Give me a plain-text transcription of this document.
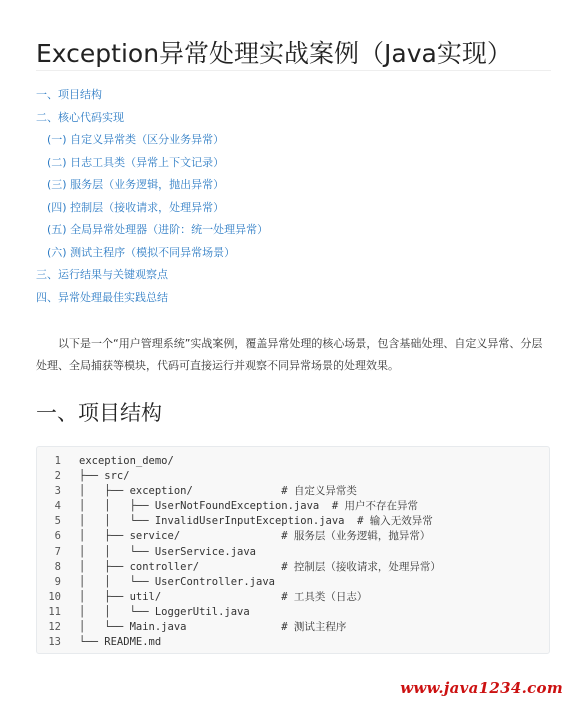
Exception异常处理实战案例（Java实现）
一、项目结构
二、核心代码实现
(一) 自定义异常类（区分业务异常）
(二) 日志工具类（异常上下文记录）
(三) 服务层（业务逻辑，抛出异常）
(四) 控制层（接收请求，处理异常）
(五) 全局异常处理器（进阶：统一处理异常）
(六) 测试主程序（模拟不同异常场景）
三、运行结果与关键观察点
四、异常处理最佳实践总结

以下是一个“用户管理系统”实战案例，覆盖异常处理的核心场景，包含基础处理、自定义异常、分层处理、全局捕获等模块，代码可直接运行并观察不同异常场景的处理效果。

一、项目结构
1	exception_demo/
2	├── src/
3	│   ├── exception/              # 自定义异常类
4	│   │   ├── UserNotFoundException.java  # 用户不存在异常
5	│   │   └── InvalidUserInputException.java  # 输入无效异常
6	│   ├── service/                # 服务层（业务逻辑，抛异常）
7	│   │   └── UserService.java
8	│   ├── controller/             # 控制层（接收请求，处理异常）
9	│   │   └── UserController.java
10	│   ├── util/                   # 工具类（日志）
11	│   │   └── LoggerUtil.java
12	│   └── Main.java               # 测试主程序
13	└── README.md
www.java1234.com
